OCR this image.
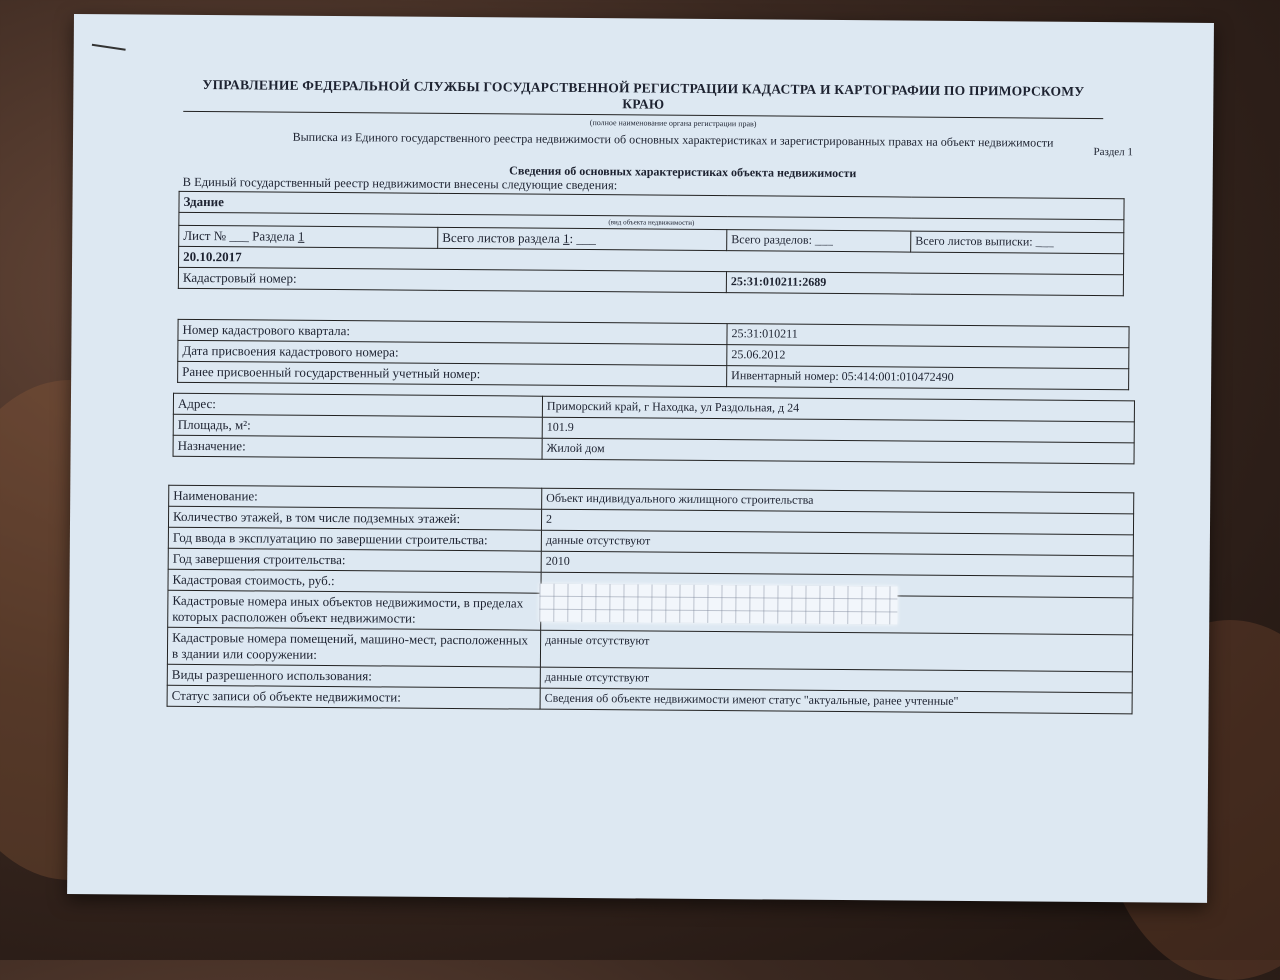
УПРАВЛЕНИЕ ФЕДЕРАЛЬНОЙ СЛУЖБЫ ГОСУДАРСТВЕННОЙ РЕГИСТРАЦИИ КАДАСТРА И КАРТОГРАФИИ ПО ПРИМОРСКОМУ КРАЮ
(полное наименование органа регистрации прав)
Выписка из Единого государственного реестра недвижимости об основных характеристиках и зарегистрированных правах на объект недвижимости
Раздел 1
Сведения об основных характеристиках объекта недвижимости
В Единый государственный реестр недвижимости внесены следующие сведения:
Здание			
(вид объекта недвижимости)			
Лист № ___ Раздела 1	Всего листов раздела 1: ___	Всего разделов: ___	Всего листов выписки: ___
20.10.2017			
Кадастровый номер:		25:31:010211:2689	
Номер кадастрового квартала:	25:31:010211
Дата присвоения кадастрового номера:	25.06.2012
Ранее присвоенный государственный учетный номер:	Инвентарный номер: 05:414:001:010472490
Адрес:	Приморский край, г Находка, ул Раздольная, д 24
Площадь, м²:	101.9
Назначение:	Жилой дом
Наименование:	Объект индивидуального жилищного строительства
Количество этажей, в том числе подземных этажей:	2
Год ввода в эксплуатацию по завершении строительства:	данные отсутствуют
Год завершения строительства:	2010
Кадастровая стоимость, руб.:	
Кадастровые номера иных объектов недвижимости, в пределах которых расположен объект недвижимости:	
Кадастровые номера помещений, машино-мест, расположенных в здании или сооружении:	данные отсутствуют
Виды разрешенного использования:	данные отсутствуют
Статус записи об объекте недвижимости:	Сведения об объекте недвижимости имеют статус "актуальные, ранее учтенные"
